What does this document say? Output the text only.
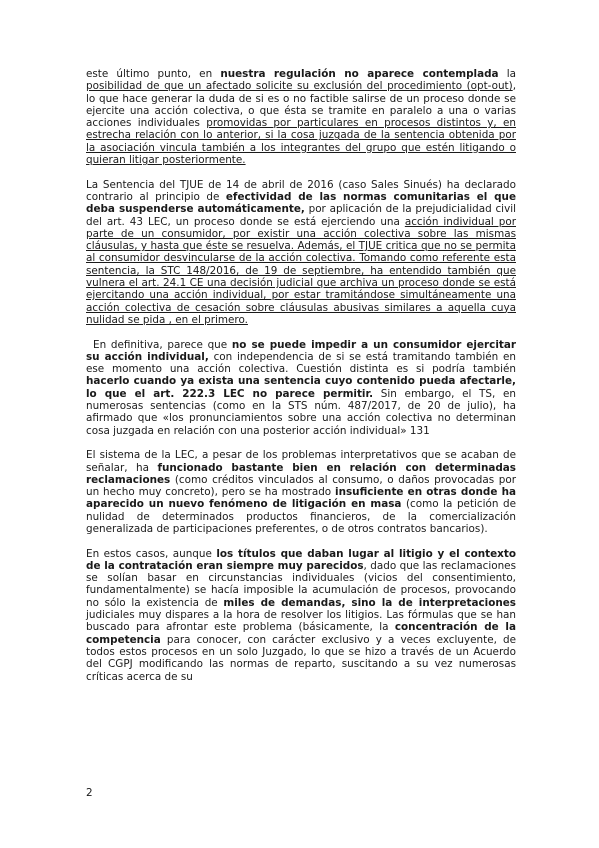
este último punto, en nuestra regulación no aparece contemplada la posibilidad de que un afectado solicite su exclusión del procedimiento (opt-out), lo que hace generar la duda de si es o no factible salirse de un proceso donde se ejercite una acción colectiva, o que ésta se tramite en paralelo a una o varias acciones individuales promovidas por particulares en procesos distintos y, en estrecha relación con lo anterior, si la cosa juzgada de la sentencia obtenida por la asociación vincula también a los integrantes del grupo que estén litigando o quieran litigar posteriormente.

La Sentencia del TJUE de 14 de abril de 2016 (caso Sales Sinués) ha declarado contrario al principio de efectividad de las normas comunitarias el que deba suspenderse automáticamente, por aplicación de la prejudicialidad civil del art. 43 LEC, un proceso donde se está ejerciendo una acción individual por parte de un consumidor, por existir una acción colectiva sobre las mismas cláusulas, y hasta que éste se resuelva. Además, el TJUE critica que no se permita al consumidor desvincularse de la acción colectiva. Tomando como referente esta sentencia, la STC 148/2016, de 19 de septiembre, ha entendido también que vulnera el art. 24.1 CE una decisión judicial que archiva un proceso donde se está ejercitando una acción individual, por estar tramitándose simultáneamente una acción colectiva de cesación sobre cláusulas abusivas similares a aquella cuya nulidad se pida , en el primero.

En definitiva, parece que no se puede impedir a un consumidor ejercitar su acción individual, con independencia de si se está tramitando también en ese momento una acción colectiva. Cuestión distinta es si podría también hacerlo cuando ya exista una sentencia cuyo contenido pueda afectarle, lo que el art. 222.3 LEC no parece permitir. Sin embargo, el TS, en numerosas sentencias (como en la STS núm. 487/2017, de 20 de julio), ha afirmado que «los pronunciamientos sobre una acción colectiva no determinan cosa juzgada en relación con una posterior acción individual» 131

El sistema de la LEC, a pesar de los problemas interpretativos que se acaban de señalar, ha funcionado bastante bien en relación con determinadas reclamaciones (como créditos vinculados al consumo, o daños provocadas por un hecho muy concreto), pero se ha mostrado insuficiente en otras donde ha aparecido un nuevo fenómeno de litigación en masa (como la petición de nulidad de determinados productos financieros, de la comercialización generalizada de participaciones preferentes, o de otros contratos bancarios).

En estos casos, aunque los títulos que daban lugar al litigio y el contexto de la contratación eran siempre muy parecidos, dado que las reclamaciones se solían basar en circunstancias individuales (vicios del consentimiento, fundamentalmente) se hacía imposible la acumulación de procesos, provocando no sólo la existencia de miles de demandas, sino la de interpretaciones judiciales muy dispares a la hora de resolver los litigios. Las fórmulas que se han buscado para afrontar este problema (básicamente, la concentración de la competencia para conocer, con carácter exclusivo y a veces excluyente, de todos estos procesos en un solo Juzgado, lo que se hizo a través de un Acuerdo del CGPJ modificando las normas de reparto, suscitando a su vez numerosas críticas acerca de su

2
